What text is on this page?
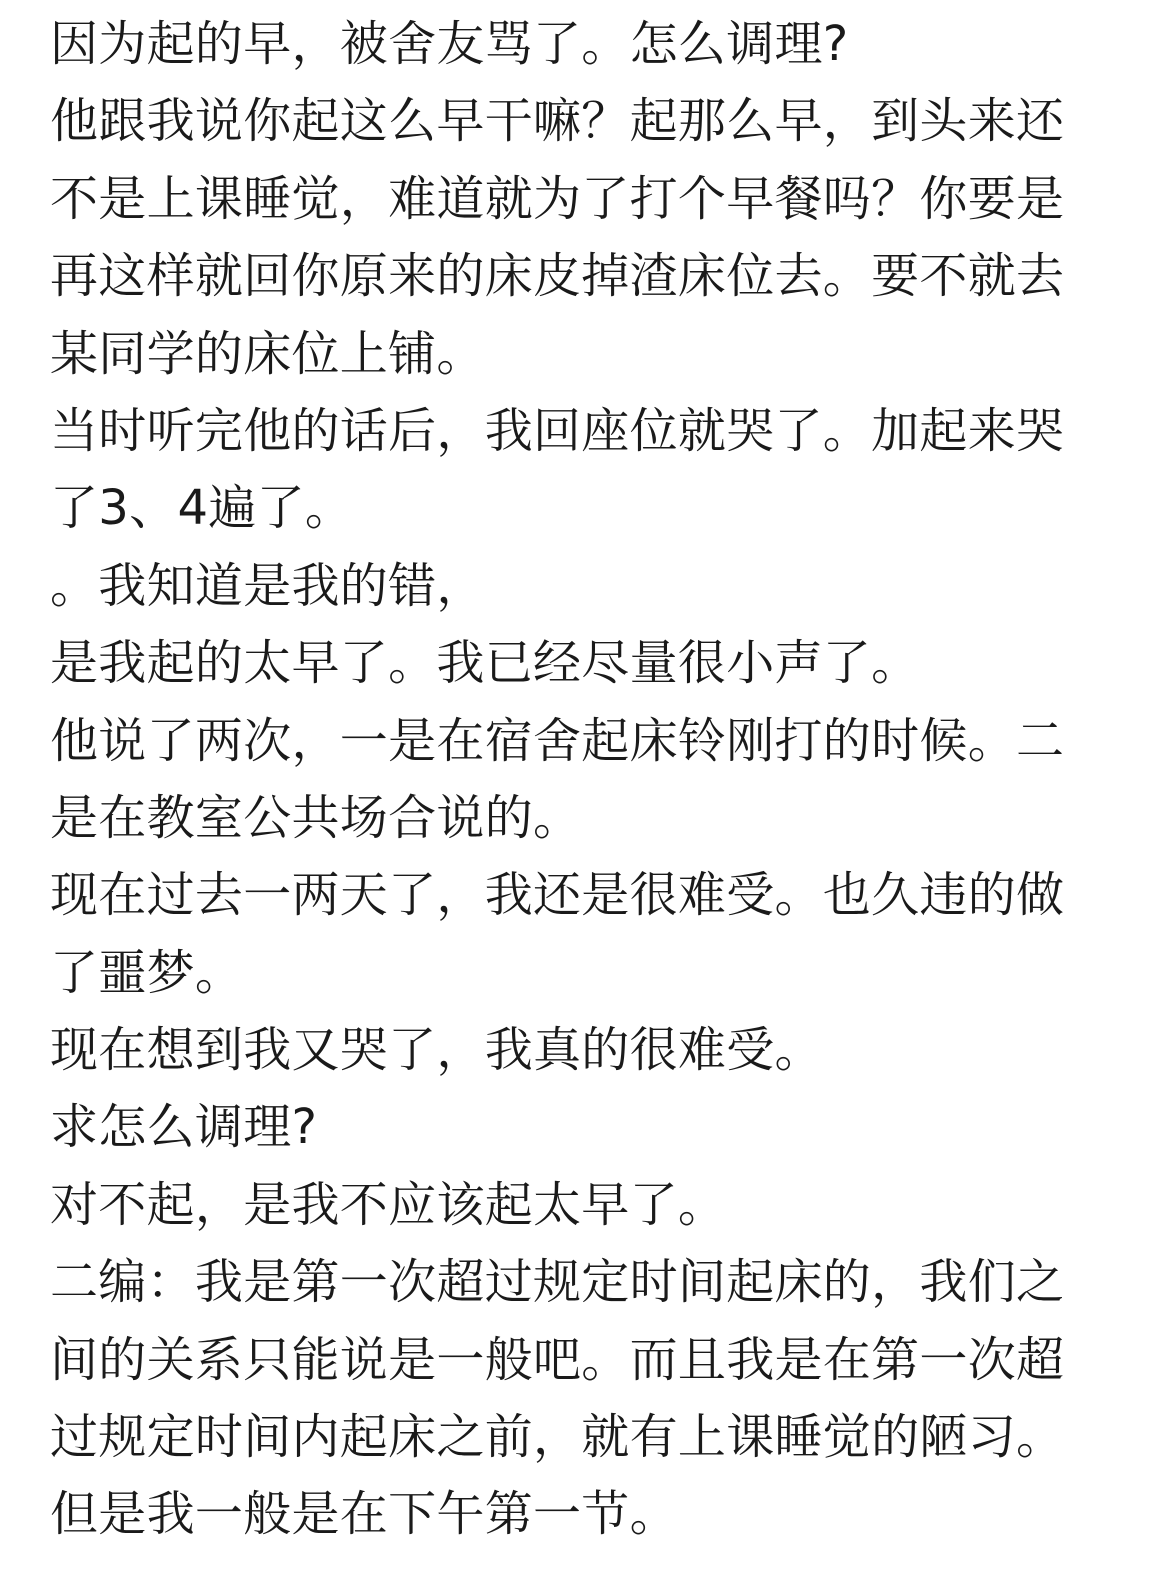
因为起的早，被舍友骂了。怎么调理?

他跟我说你起这么早干嘛？起那么早，到头来还

不是上课睡觉，难道就为了打个早餐吗？你要是

再这样就回你原来的床皮掉渣床位去。要不就去

某同学的床位上铺。

当时听完他的话后，我回座位就哭了。加起来哭

了3、4遍了。

。我知道是我的错，

是我起的太早了。我已经尽量很小声了。

他说了两次，一是在宿舍起床铃刚打的时候。二

是在教室公共场合说的。

现在过去一两天了，我还是很难受。也久违的做

了噩梦。

现在想到我又哭了，我真的很难受。

求怎么调理?

对不起，是我不应该起太早了。

二编：我是第一次超过规定时间起床的，我们之

间的关系只能说是一般吧。而且我是在第一次超

过规定时间内起床之前，就有上课睡觉的陋习。

但是我一般是在下午第一节。
